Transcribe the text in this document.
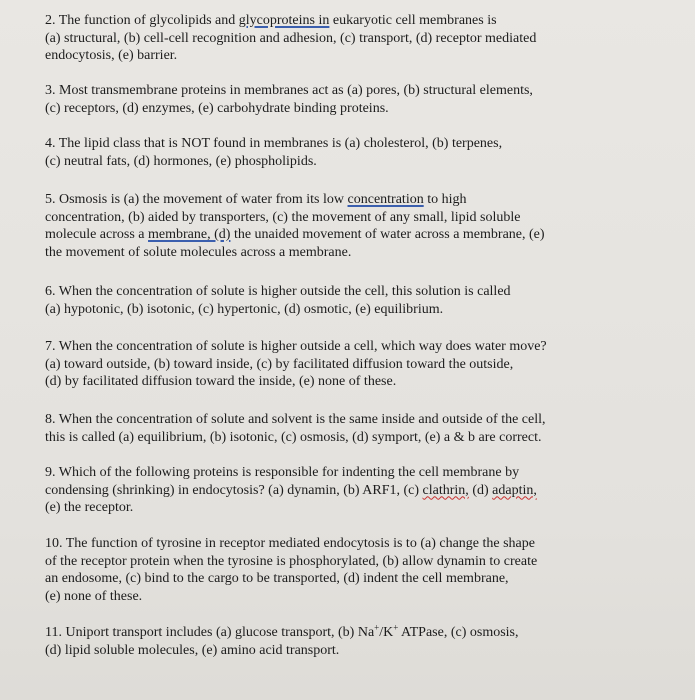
2. The function of glycolipids and glycoproteins in eukaryotic cell membranes is
(a) structural, (b) cell-cell recognition and adhesion, (c) transport, (d) receptor mediated
endocytosis, (e) barrier.
3. Most transmembrane proteins in membranes act as (a) pores, (b) structural elements,
(c) receptors, (d) enzymes, (e) carbohydrate binding proteins.
4. The lipid class that is NOT found in membranes is (a) cholesterol, (b) terpenes,
(c) neutral fats, (d) hormones, (e) phospholipids.
5. Osmosis is (a) the movement of water from its low concentration to high
concentration, (b) aided by transporters, (c) the movement of any small, lipid soluble
molecule across a membrane, (d) the unaided movement of water across a membrane, (e)
the movement of solute molecules across a membrane.
6. When the concentration of solute is higher outside the cell, this solution is called
(a) hypotonic, (b) isotonic, (c) hypertonic, (d) osmotic, (e) equilibrium.
7. When the concentration of solute is higher outside a cell, which way does water move?
(a) toward outside, (b) toward inside, (c) by facilitated diffusion toward the outside,
(d) by facilitated diffusion toward the inside, (e) none of these.
8. When the concentration of solute and solvent is the same inside and outside of the cell,
this is called (a) equilibrium, (b) isotonic, (c) osmosis, (d) symport, (e) a & b are correct.
9. Which of the following proteins is responsible for indenting the cell membrane by
condensing (shrinking) in endocytosis? (a) dynamin, (b) ARF1, (c) clathrin, (d) adaptin,
(e) the receptor.
10. The function of tyrosine in receptor mediated endocytosis is to (a) change the shape
of the receptor protein when the tyrosine is phosphorylated, (b) allow dynamin to create
an endosome, (c) bind to the cargo to be transported, (d) indent the cell membrane,
(e) none of these.
11. Uniport transport includes (a) glucose transport, (b) Na+/K+ ATPase, (c) osmosis,
(d) lipid soluble molecules, (e) amino acid transport.
